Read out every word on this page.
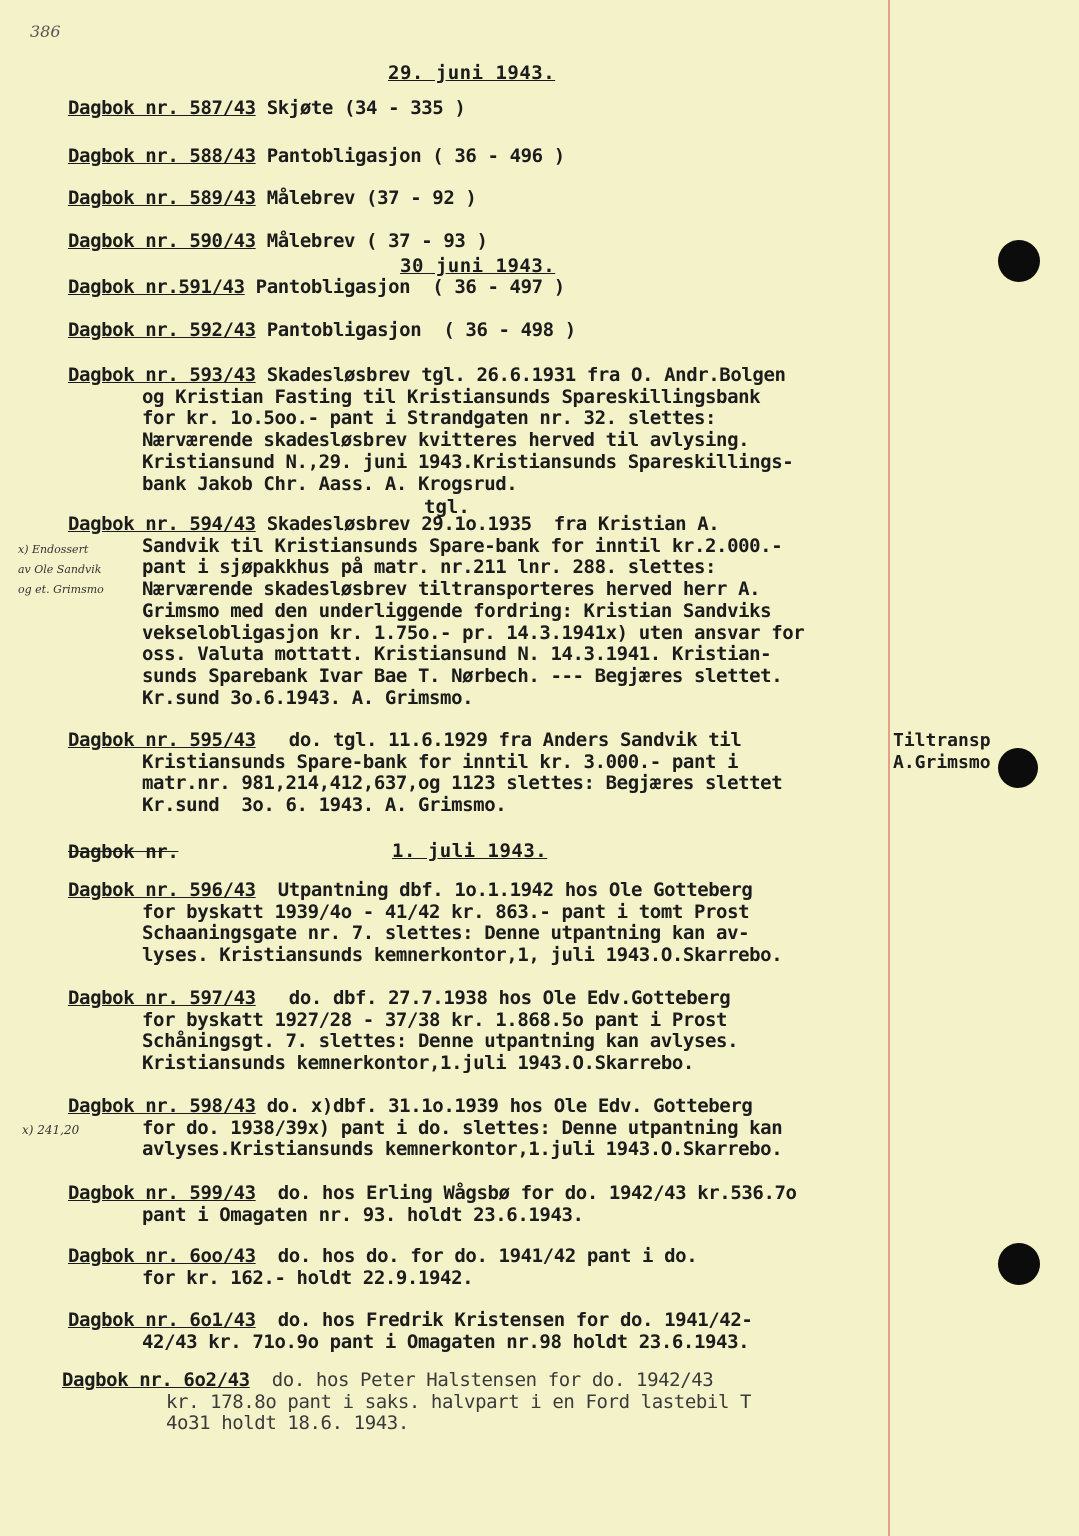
386
29. juni 1943.
Dagbok nr. 587/43 Skjøte (34 - 335 )
Dagbok nr. 588/43 Pantobligasjon ( 36 - 496 )
Dagbok nr. 589/43 Målebrev (37 - 92 )
Dagbok nr. 590/43 Målebrev ( 37 - 93 )
30 juni 1943.
Dagbok nr.591/43 Pantobligasjon  ( 36 - 497 )
Dagbok nr. 592/43 Pantobligasjon  ( 36 - 498 )
Dagbok nr. 593/43 Skadesløsbrev tgl. 26.6.1931 fra O. Andr.Bolgen
og Kristian Fasting til Kristiansunds Spareskillingsbank
for kr. 1o.5oo.- pant i Strandgaten nr. 32. slettes:
Nærværende skadesløsbrev kvitteres herved til avlysing.
Kristiansund N.,29. juni 1943.Kristiansunds Spareskillings-
bank Jakob Chr. Aass. A. Krogsrud.
tgl.
Dagbok nr. 594/43 Skadesløsbrev 29.1o.1935  fra Kristian A.
Sandvik til Kristiansunds Spare-bank for inntil kr.2.000.-
pant i sjøpakkhus på matr. nr.211 lnr. 288. slettes:
Nærværende skadesløsbrev tiltransporteres herved herr A.
Grimsmo med den underliggende fordring: Kristian Sandviks
vekselobligasjon kr. 1.75o.- pr. 14.3.1941x) uten ansvar for
oss. Valuta mottatt. Kristiansund N. 14.3.1941. Kristian-
sunds Sparebank Ivar Bae T. Nørbech. --- Begjæres slettet.
Kr.sund 3o.6.1943. A. Grimsmo.
x) Endossert
av Ole Sandvik
og et. Grimsmo
Dagbok nr. 595/43   do. tgl. 11.6.1929 fra Anders Sandvik til
Kristiansunds Spare-bank for inntil kr. 3.000.- pant i
matr.nr. 981,214,412,637,og 1123 slettes: Begjæres slettet
Kr.sund  3o. 6. 1943. A. Grimsmo.
Tiltransp
A.Grimsmo
Dagbok nr.	1. juli 1943.
Dagbok nr. 596/43  Utpantning dbf. 1o.1.1942 hos Ole Gotteberg
for byskatt 1939/4o - 41/42 kr. 863.- pant i tomt Prost
Schaaningsgate nr. 7. slettes: Denne utpantning kan av-
lyses. Kristiansunds kemnerkontor,1, juli 1943.O.Skarrebo.
Dagbok nr. 597/43   do. dbf. 27.7.1938 hos Ole Edv.Gotteberg
for byskatt 1927/28 - 37/38 kr. 1.868.5o pant i Prost
Schåningsgt. 7. slettes: Denne utpantning kan avlyses.
Kristiansunds kemnerkontor,1.juli 1943.O.Skarrebo.
Dagbok nr. 598/43 do. x)dbf. 31.1o.1939 hos Ole Edv. Gotteberg
for do. 1938/39x) pant i do. slettes: Denne utpantning kan
avlyses.Kristiansunds kemnerkontor,1.juli 1943.O.Skarrebo.
x) 241,20
Dagbok nr. 599/43  do. hos Erling Wågsbø for do. 1942/43 kr.536.7o
pant i Omagaten nr. 93. holdt 23.6.1943.
Dagbok nr. 6oo/43  do. hos do. for do. 1941/42 pant i do.
for kr. 162.- holdt 22.9.1942.
Dagbok nr. 6o1/43  do. hos Fredrik Kristensen for do. 1941/42-
42/43 kr. 71o.9o pant i Omagaten nr.98 holdt 23.6.1943.
Dagbok nr. 6o2/43  do. hos Peter Halstensen for do. 1942/43
kr. 178.8o pant i saks. halvpart i en Ford lastebil T
4o31 holdt 18.6. 1943.
